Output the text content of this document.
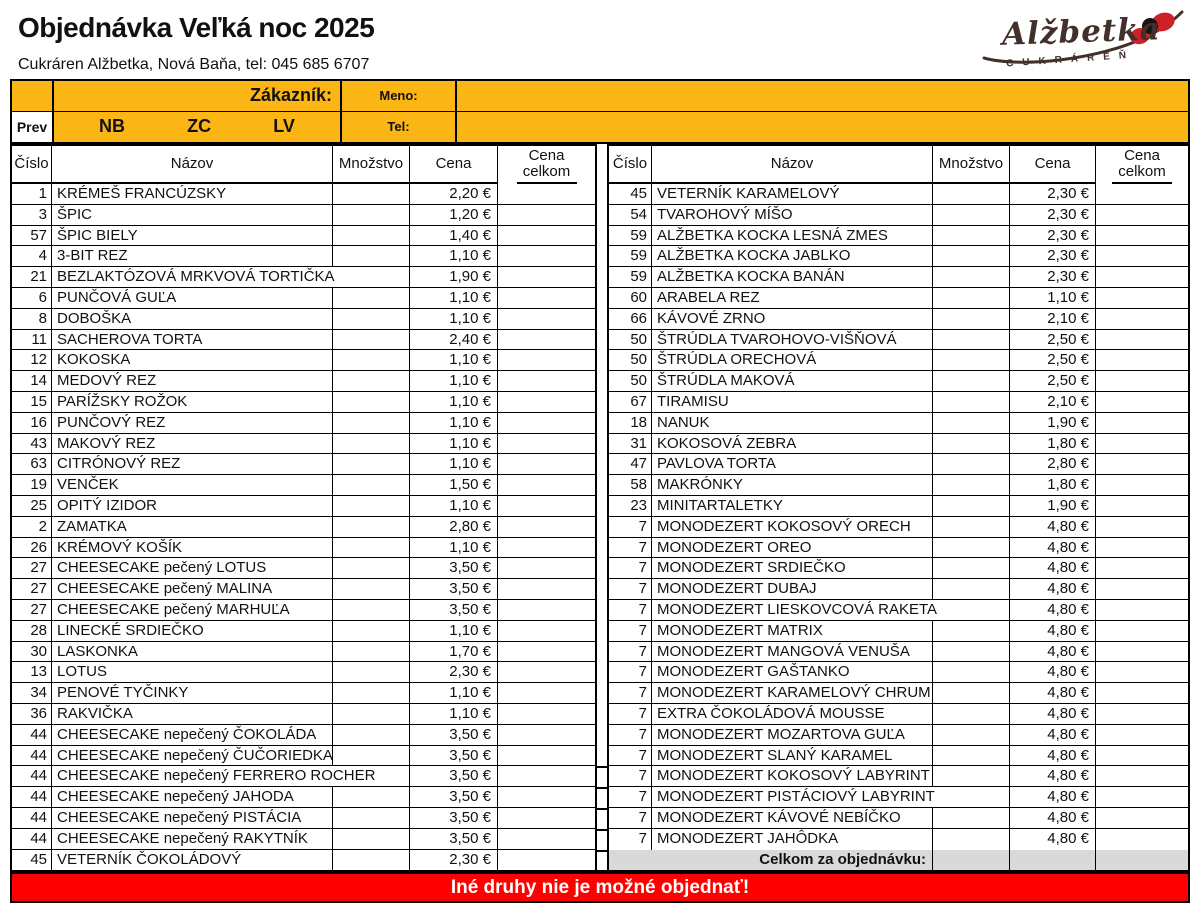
Objednávka Veľká noc 2025	Alžbetka
CUKRÁREŇ
Cukráren Alžbetka, Nová Baňa, tel: 045 685 6707
Zákazník:	Meno:
Prev	NB	ZC	LV	Tel:
Číslo	Názov	Množstvo	Cena	Cena celkom
1 KRÉMEŠ FRANCÚZSKY	2,20 €
3 ŠPIC	1,20 €
57 ŠPIC BIELY	1,40 €
4 3-BIT REZ	1,10 €
21 BEZLAKTÓZOVÁ MRKVOVÁ TORTIČKA	1,90 €
6 PUNČOVÁ GUĽA	1,10 €
8 DOBOŠKA	1,10 €
11 SACHEROVA TORTA	2,40 €
12 KOKOSKA	1,10 €
14 MEDOVÝ REZ	1,10 €
15 PARÍŽSKY ROŽOK	1,10 €
16 PUNČOVÝ REZ	1,10 €
43 MAKOVÝ REZ	1,10 €
63 CITRÓNOVÝ REZ	1,10 €
19 VENČEK	1,50 €
25 OPITÝ IZIDOR	1,10 €
2 ZAMATKA	2,80 €
26 KRÉMOVÝ KOŠÍK	1,10 €
27 CHEESECAKE pečený LOTUS	3,50 €
27 CHEESECAKE pečený MALINA	3,50 €
27 CHEESECAKE pečený MARHUĽA	3,50 €
28 LINECKÉ SRDIEČKO	1,10 €
30 LASKONKA	1,70 €
13 LOTUS	2,30 €
34 PENOVÉ TYČINKY	1,10 €
36 RAKVIČKA	1,10 €
44 CHEESECAKE nepečený ČOKOLÁDA	3,50 €
44 CHEESECAKE nepečený ČUČORIEDKA	3,50 €
44 CHEESECAKE nepečený FERRERO ROCHER	3,50 €
44 CHEESECAKE nepečený JAHODA	3,50 €
44 CHEESECAKE nepečený PISTÁCIA	3,50 €
44 CHEESECAKE nepečený RAKYTNÍK	3,50 €
45 VETERNÍK ČOKOLÁDOVÝ	2,30 €
Číslo	Názov	Množstvo	Cena	Cena celkom
45 VETERNÍK KARAMELOVÝ	2,30 €
54 TVAROHOVÝ MÍŠO	2,30 €
59 ALŽBETKA KOCKA LESNÁ ZMES	2,30 €
59 ALŽBETKA KOCKA JABLKO	2,30 €
59 ALŽBETKA KOCKA BANÁN	2,30 €
60 ARABELA REZ	1,10 €
66 KÁVOVÉ ZRNO	2,10 €
50 ŠTRÚDLA TVAROHOVO-VIŠŇOVÁ	2,50 €
50 ŠTRÚDLA ORECHOVÁ	2,50 €
50 ŠTRÚDLA MAKOVÁ	2,50 €
67 TIRAMISU	2,10 €
18 NANUK	1,90 €
31 KOKOSOVÁ ZEBRA	1,80 €
47 PAVLOVA TORTA	2,80 €
58 MAKRÓNKY	1,80 €
23 MINITARTALETKY	1,90 €
7 MONODEZERT KOKOSOVÝ ORECH	4,80 €
7 MONODEZERT OREO	4,80 €
7 MONODEZERT SRDIEČKO	4,80 €
7 MONODEZERT DUBAJ	4,80 €
7 MONODEZERT LIESKOVCOVÁ RAKETA	4,80 €
7 MONODEZERT MATRIX	4,80 €
7 MONODEZERT MANGOVÁ VENUŠA	4,80 €
7 MONODEZERT GAŠTANKO	4,80 €
7 MONODEZERT KARAMELOVÝ CHRUM	4,80 €
7 EXTRA ČOKOLÁDOVÁ MOUSSE	4,80 €
7 MONODEZERT MOZARTOVA GUĽA	4,80 €
7 MONODEZERT SLANÝ KARAMEL	4,80 €
7 MONODEZERT KOKOSOVÝ LABYRINT	4,80 €
7 MONODEZERT PISTÁCIOVÝ LABYRINT	4,80 €
7 MONODEZERT KÁVOVÉ NEBÍČKO	4,80 €
7 MONODEZERT JAHÔDKA	4,80 €
Celkom za objednávku:
Iné druhy nie je možné objednať!
